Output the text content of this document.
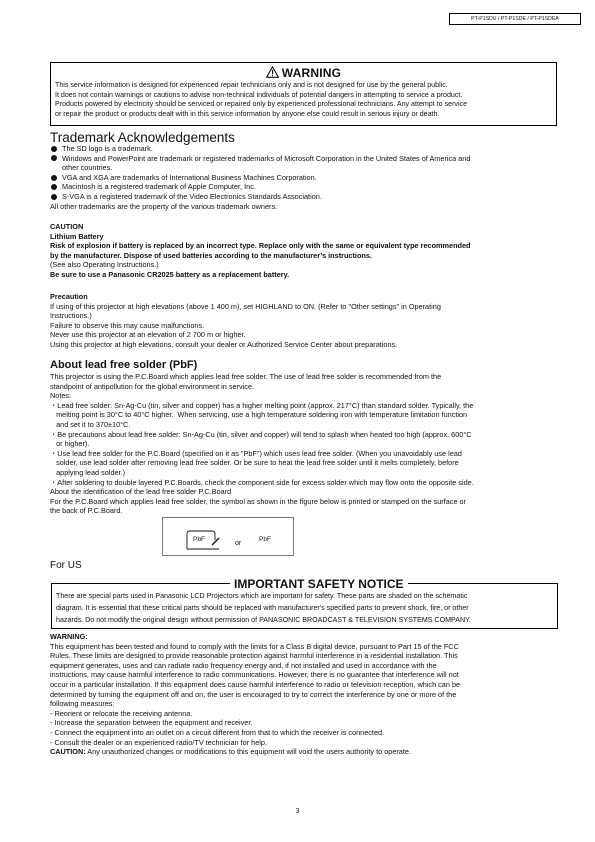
PT-P1SDU / PT-P1SDE / PT-P1SDEA
WARNING
This service information is designed for experienced repair technicians only and is not designed for use by the general public.
It does not contain warnings or cautions to advise non-technical individuals of potential dangers in attempting to service a product.
Products powered by electricity should be serviced or repaired only by experienced professional technicians. Any attempt to service
or repair the product or products dealt with in this service information by anyone else could result in serious injury or death.
Trademark Acknowledgements
The SD logo is a trademark.
Windows and PowerPoint are trademark or registered trademarks of Microsoft Corporation in the United States of America and
other countries.
VGA and XGA are trademarks of International Business Machines Corporation.
Macintosh is a registered trademark of Apple Computer, Inc.
S-VGA is a registered trademark of the Video Electronics Standards Association.
All other trademarks are the property of the various trademark owners.
CAUTION
Lithium Battery
Risk of explosion if battery is replaced by an incorrect type. Replace only with the same or equivalent type recommended
by the manufacturer. Dispose of used batteries according to the manufacturer’s instructions.
(See also Operating Instructions.)
Be sure to use a Panasonic CR2025 battery as a replacement battery.
Precaution
If using of this projector at high elevations (above 1 400 m), set HIGHLAND to ON. (Refer to "Other settings" in Operating
Instructions.)
Failure to observe this may cause malfunctions.
Never use this projector at an elevation of 2 700 m or higher.
Using this projector at high elevations, consult your dealer or Authorized Service Center about preparations.
About lead free solder (PbF)
This projector is using the P.C.Board which applies lead free solder. The use of lead free solder is recommended from the
standpoint of antipollution for the global environment in service.
Notes:
・Lead free solder: Sn-Ag-Cu (tin, silver and copper) has a higher melting point (approx. 217°C) than standard solder. Typically, the
melting point is 30°C to 40°C higher.  When servicing, use a high temperature soldering iron with temperature limitation function
and set it to 370±10°C.
・Be precautions about lead free solder: Sn-Ag-Cu (tin, silver and copper) will tend to splash when heated too high (approx. 600°C
or higher).
・Use lead free solder for the P.C.Board (specified on it as "PbF") which uses lead free solder. (When you unavoidably use lead
solder, use lead solder after removing lead free solder. Or be sure to heat the lead free solder until it melts completely, before
applying lead solder.)
・After soldering to double layered P.C.Boards, check the component side for excess solder which may flow onto the opposite side.
About the identification of the lead free solder P.C.Board
For the P.C.Board which applies lead free solder, the symbol as shown in the figure below is printed or stamped on the surface or
the back of P.C.Board.
PbF
or
PbF
For US
IMPORTANT SAFETY NOTICE
There are special parts used in Panasonic LCD Projectors which are important for safety. These parts are shaded on the schematic
diagram. It is essential that these critical parts should be replaced with manufacturer's specified parts to prevent shock, fire, or other
hazards. Do not modify the original design without permission of PANASONIC BROADCAST & TELEVISION SYSTEMS COMPANY.
WARNING:
This equipment has been tested and found to comply with the limits for a Class B digital device, pursuant to Part 15 of the FCC
Rules. These limits are designed to provide reasonable protection against harmful interference in a residential installation. This
equipment generates, uses and can radiate radio frequency energy and, if not installed and used in accordance with the
instructions, may cause harmful interference to radio communications. However, there is no guarantee that interference will not
occur in a particular installation. If this equipment does cause harmful interference to radio or television reception, which can be
determined by turning the equipment off and on, the user is encouraged to try to correct the interference by one or more of the
following measures:
- Reorient or relocate the receiving antenna.
- Increase the separation between the equipment and receiver.
- Connect the equipment into an outlet on a circuit different from that to which the receiver is connected.
- Consult the dealer or an experienced radio/TV technician for help.
CAUTION: Any unauthorized changes or modifications to this equipment will void the users authority to operate.
3
